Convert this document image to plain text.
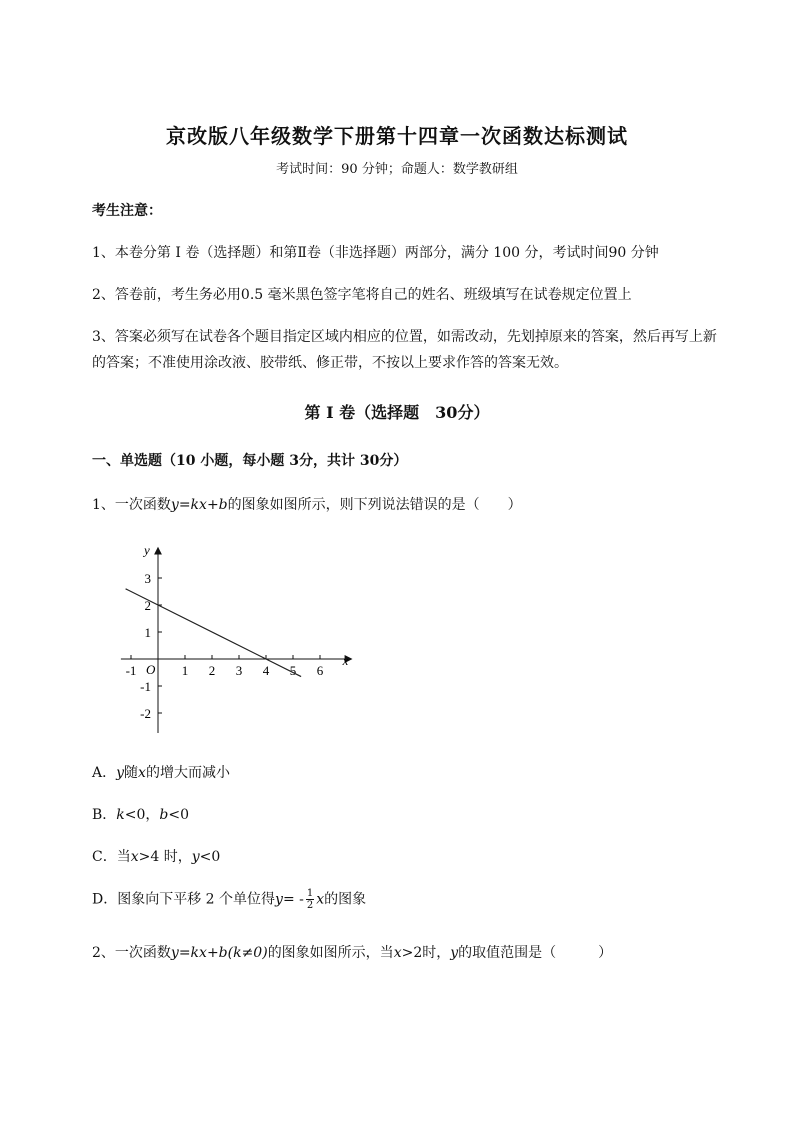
京改版八年级数学下册第十四章一次函数达标测试
考试时间：90 分钟；命题人：数学教研组
考生注意：
1、本卷分第 I 卷（选择题）和第Ⅱ卷（非选择题）两部分，满分 100 分，考试时间90 分钟
2、答卷前，考生务必用0.5 毫米黑色签字笔将自己的姓名、班级填写在试卷规定位置上
3、答案必须写在试卷各个题目指定区域内相应的位置，如需改动，先划掉原来的答案，然后再写上新
的答案；不准使用涂改液、胶带纸、修正带，不按以上要求作答的答案无效。
第 I 卷（选择题　30分）
一、单选题（10 小题，每小题 3分，共计 30分）
1、一次函数y=kx+b的图象如图所示，则下列说法错误的是（　　）
-1	1 2 3 4 5 6
3
2
1
-1
-2
x
y
O
A．y随x的增大而减小
B．k<0，b<0
C．当x>4 时，y<0
D．图象向下平移 2 个单位得$y= - \frac{1}{2}$ x的图象
2、一次函数y=kx+b(k≠0)的图象如图所示，当x>2时，y的取值范围是（　　　）
